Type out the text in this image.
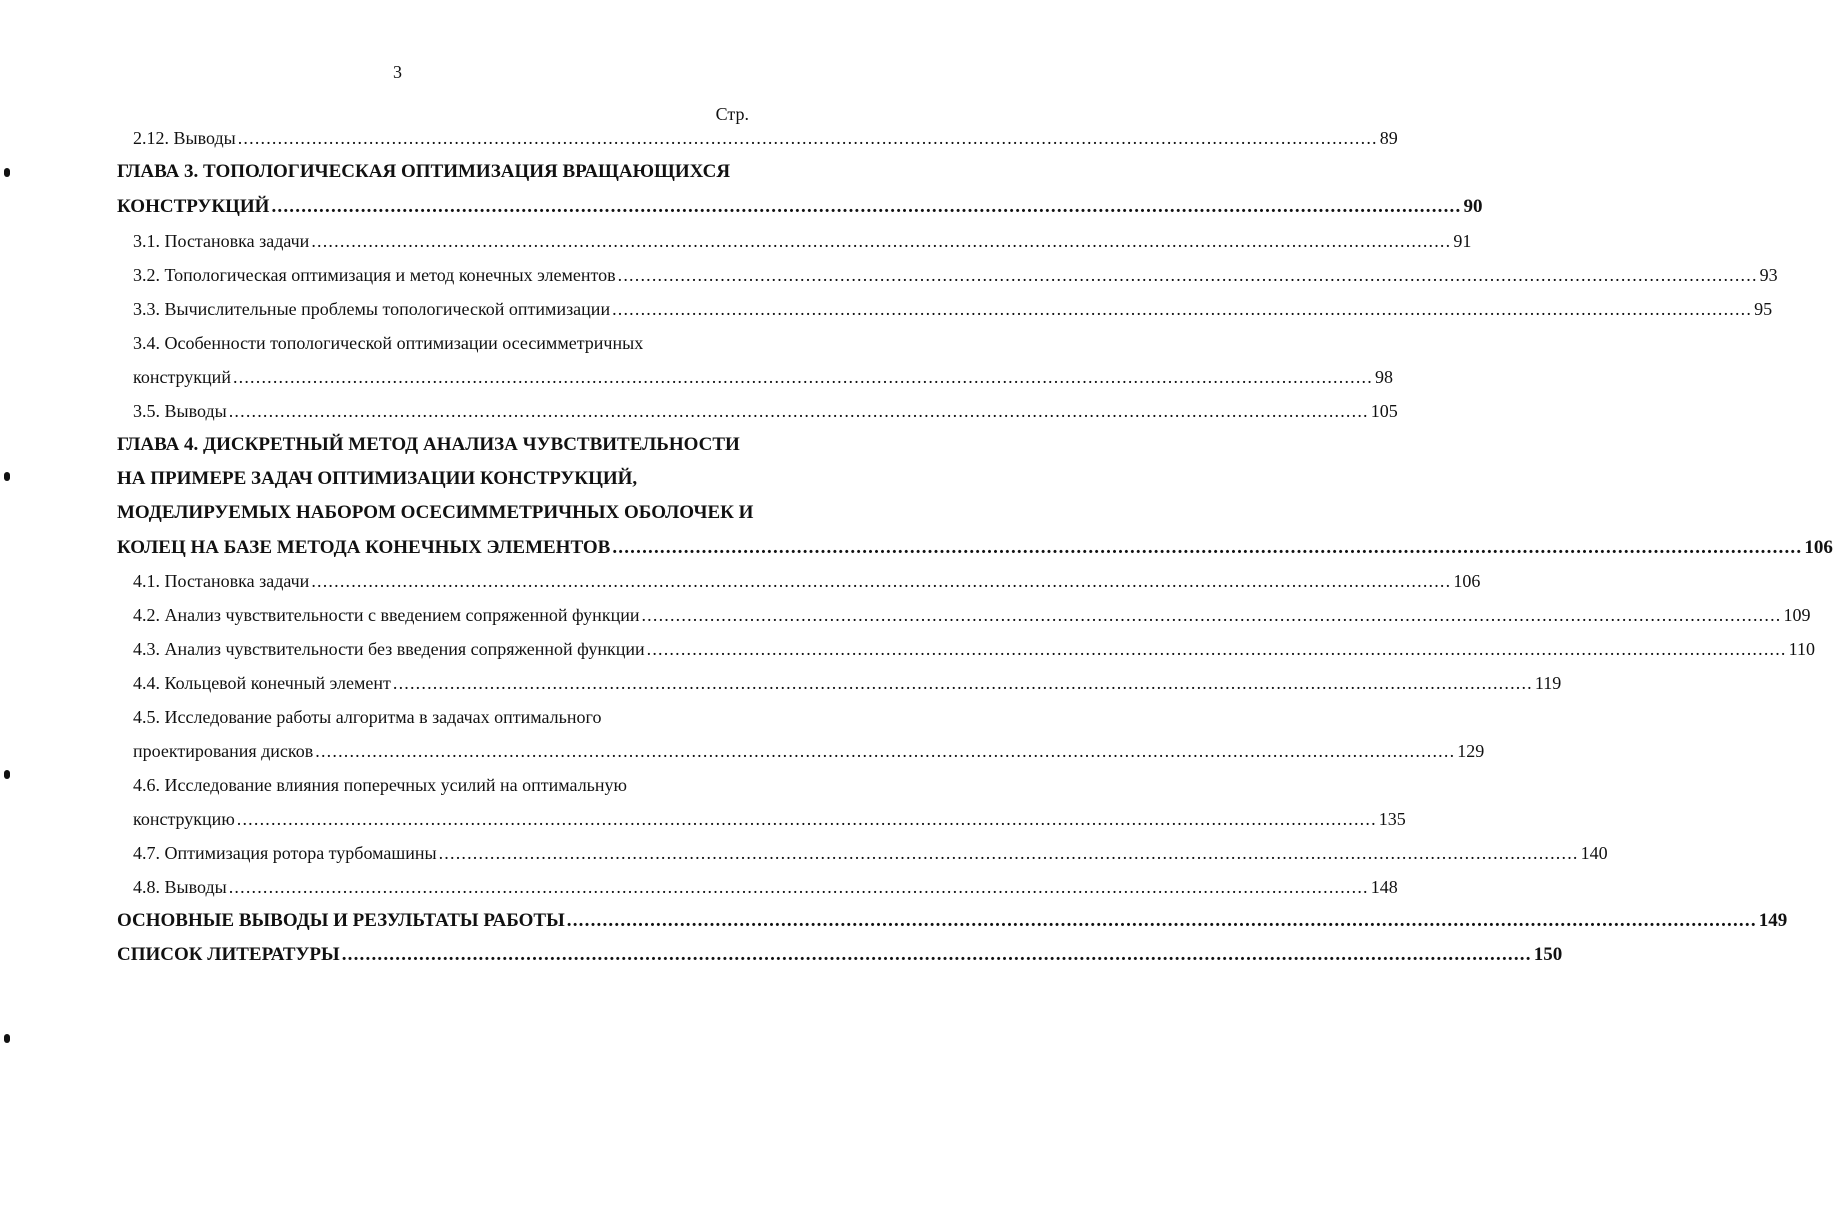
3
Стр.
2.12. Выводы ........................................................................................................................................................................................................ 89
ГЛАВА 3. ТОПОЛОГИЧЕСКАЯ ОПТИМИЗАЦИЯ ВРАЩАЮЩИХСЯ
КОНСТРУКЦИЙ ........................................................................................................................................................................................................ 90
3.1. Постановка задачи ........................................................................................................................................................................................................ 91
3.2. Топологическая оптимизация и метод конечных элементов ........................................................................................................................................................................................................ 93
3.3. Вычислительные проблемы топологической оптимизации ........................................................................................................................................................................................................ 95
3.4. Особенности топологической оптимизации осесимметричных
конструкций ........................................................................................................................................................................................................ 98
3.5. Выводы ........................................................................................................................................................................................................ 105
ГЛАВА 4. ДИСКРЕТНЫЙ МЕТОД АНАЛИЗА ЧУВСТВИТЕЛЬНОСТИ
НА ПРИМЕРЕ ЗАДАЧ ОПТИМИЗАЦИИ КОНСТРУКЦИЙ,
МОДЕЛИРУЕМЫХ НАБОРОМ ОСЕСИММЕТРИЧНЫХ ОБОЛОЧЕК И
КОЛЕЦ НА БАЗЕ МЕТОДА КОНЕЧНЫХ ЭЛЕМЕНТОВ ........................................................................................................................................................................................................ 106
4.1. Постановка задачи ........................................................................................................................................................................................................ 106
4.2. Анализ чувствительности с введением сопряженной функции ........................................................................................................................................................................................................ 109
4.3. Анализ чувствительности без введения сопряженной функции ........................................................................................................................................................................................................ 110
4.4. Кольцевой конечный элемент ........................................................................................................................................................................................................ 119
4.5. Исследование работы алгоритма в задачах оптимального
проектирования дисков ........................................................................................................................................................................................................ 129
4.6. Исследование влияния поперечных усилий на оптимальную
конструкцию ........................................................................................................................................................................................................ 135
4.7. Оптимизация ротора турбомашины ........................................................................................................................................................................................................ 140
4.8. Выводы ........................................................................................................................................................................................................ 148
ОСНОВНЫЕ ВЫВОДЫ И РЕЗУЛЬТАТЫ РАБОТЫ ........................................................................................................................................................................................................ 149
СПИСОК ЛИТЕРАТУРЫ ........................................................................................................................................................................................................ 150
